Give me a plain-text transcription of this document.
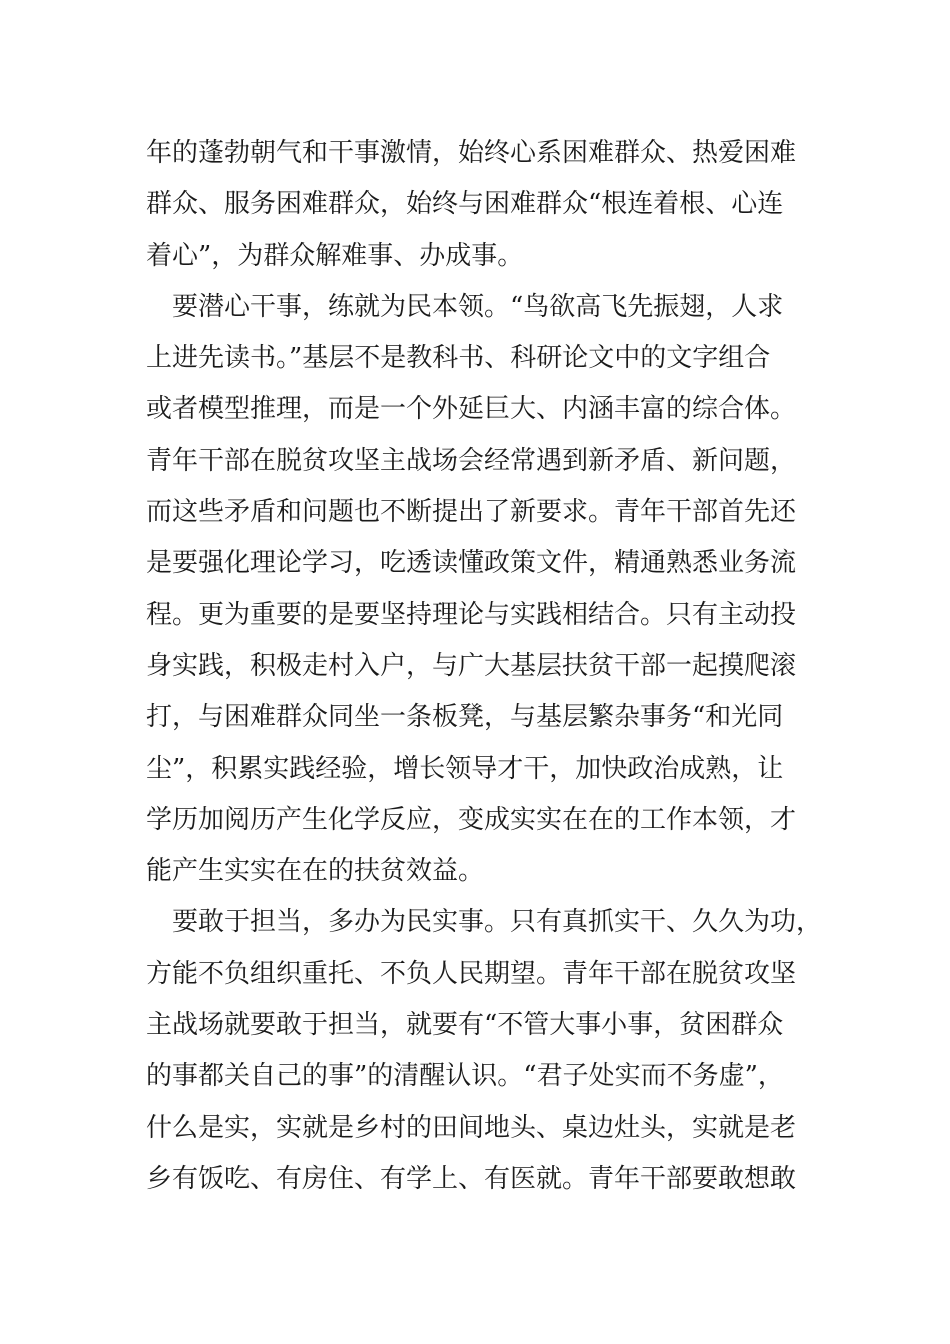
年的蓬勃朝气和干事激情，始终心系困难群众、热爱困难
群众、服务困难群众，始终与困难群众“根连着根、心连
着心”，为群众解难事、办成事。
　要潜心干事，练就为民本领。“鸟欲高飞先振翅，人求
上进先读书。”基层不是教科书、科研论文中的文字组合
或者模型推理，而是一个外延巨大、内涵丰富的综合体。
青年干部在脱贫攻坚主战场会经常遇到新矛盾、新问题，
而这些矛盾和问题也不断提出了新要求。青年干部首先还
是要强化理论学习，吃透读懂政策文件，精通熟悉业务流
程。更为重要的是要坚持理论与实践相结合。只有主动投
身实践，积极走村入户，与广大基层扶贫干部一起摸爬滚
打，与困难群众同坐一条板凳，与基层繁杂事务“和光同
尘”，积累实践经验，增长领导才干，加快政治成熟，让
学历加阅历产生化学反应，变成实实在在的工作本领，才
能产生实实在在的扶贫效益。
　要敢于担当，多办为民实事。只有真抓实干、久久为功，
方能不负组织重托、不负人民期望。青年干部在脱贫攻坚
主战场就要敢于担当，就要有“不管大事小事，贫困群众
的事都关自己的事”的清醒认识。“君子处实而不务虚”，
什么是实，实就是乡村的田间地头、桌边灶头，实就是老
乡有饭吃、有房住、有学上、有医就。青年干部要敢想敢
